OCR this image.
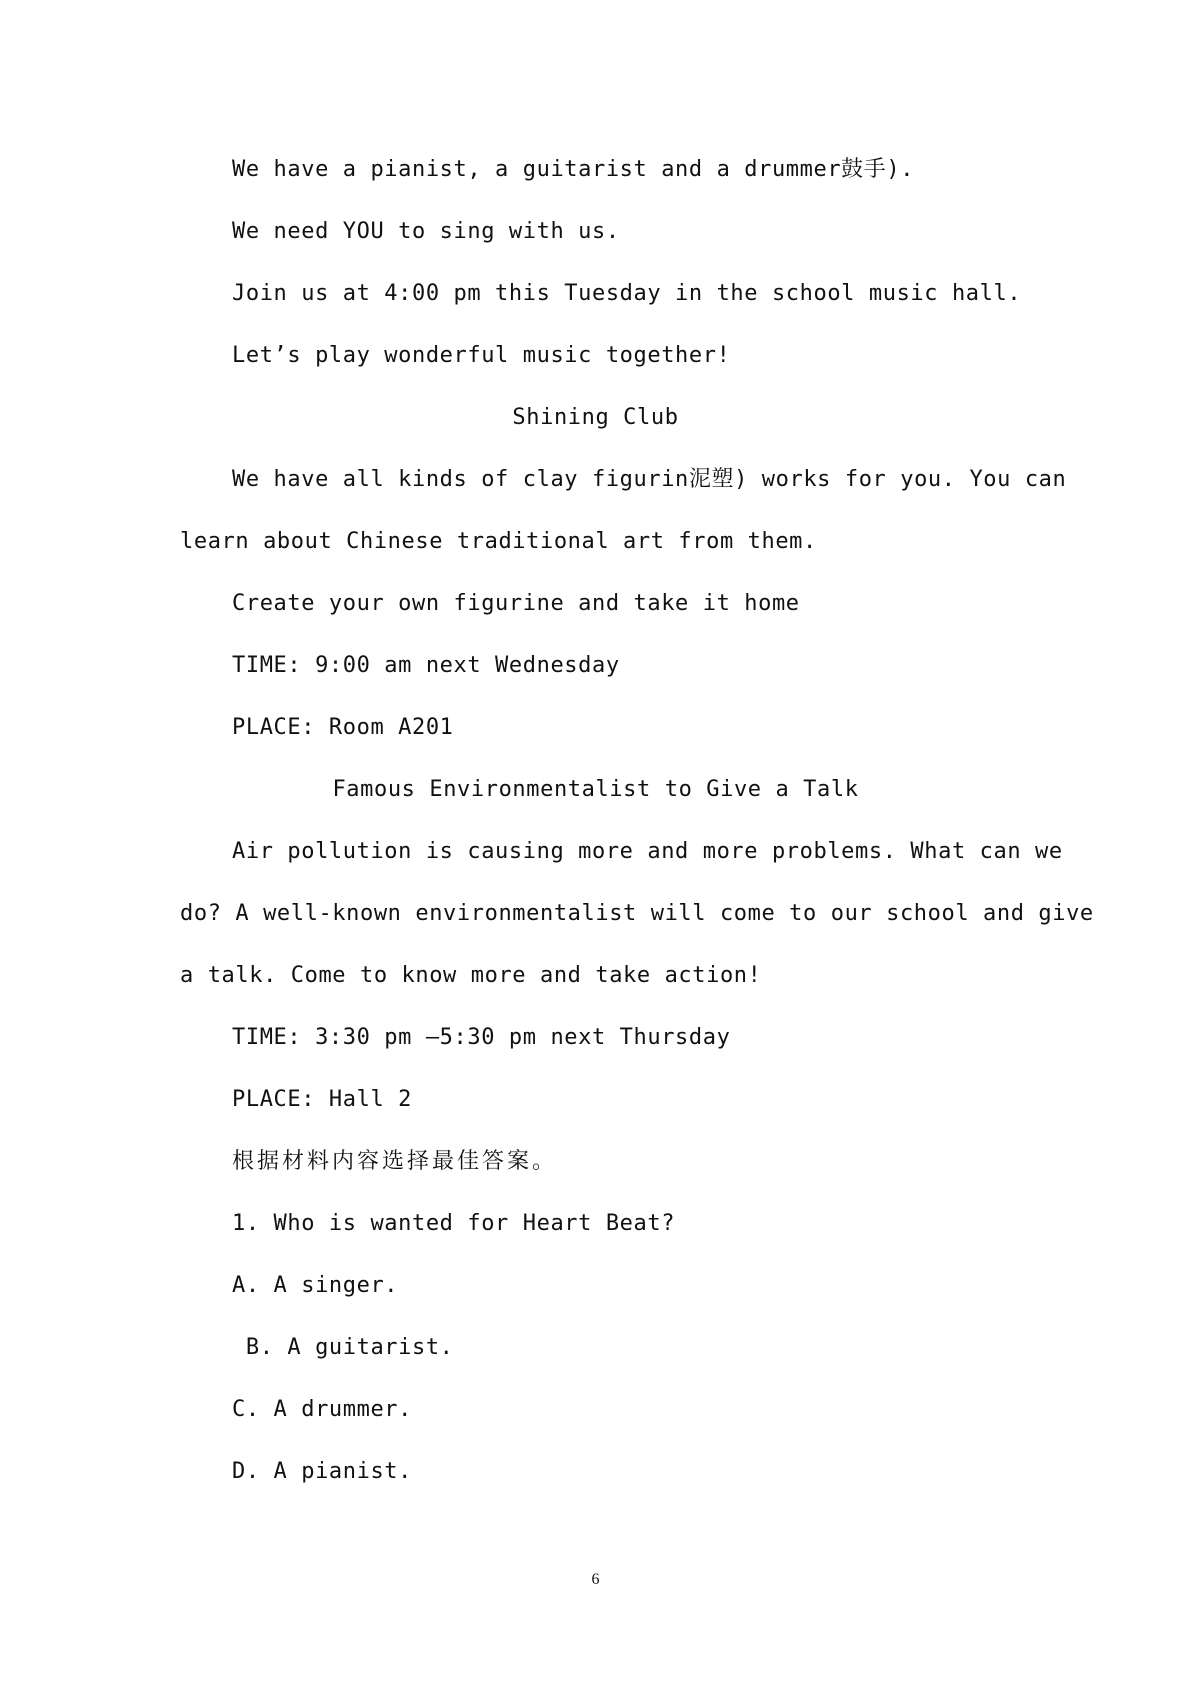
We have a pianist, a guitarist and a drummer鼓手).
We need YOU to sing with us.
Join us at 4:00 pm this Tuesday in the school music hall.
Let’s play wonderful music together!
Shining Club
We have all kinds of clay figurin泥塑) works for you. You can
learn about Chinese traditional art from them.
Create your own figurine and take it home
TIME: 9:00 am next Wednesday
PLACE: Room A201
Famous Environmentalist to Give a Talk
Air pollution is causing more and more problems. What can we
do? A well-known environmentalist will come to our school and give
a talk. Come to know more and take action!
TIME: 3:30 pm —5:30 pm next Thursday
PLACE: Hall 2
根据材料内容选择最佳答案。
1. Who is wanted for Heart Beat?
A. A singer.
B. A guitarist.
C. A drummer.
D. A pianist.
6
